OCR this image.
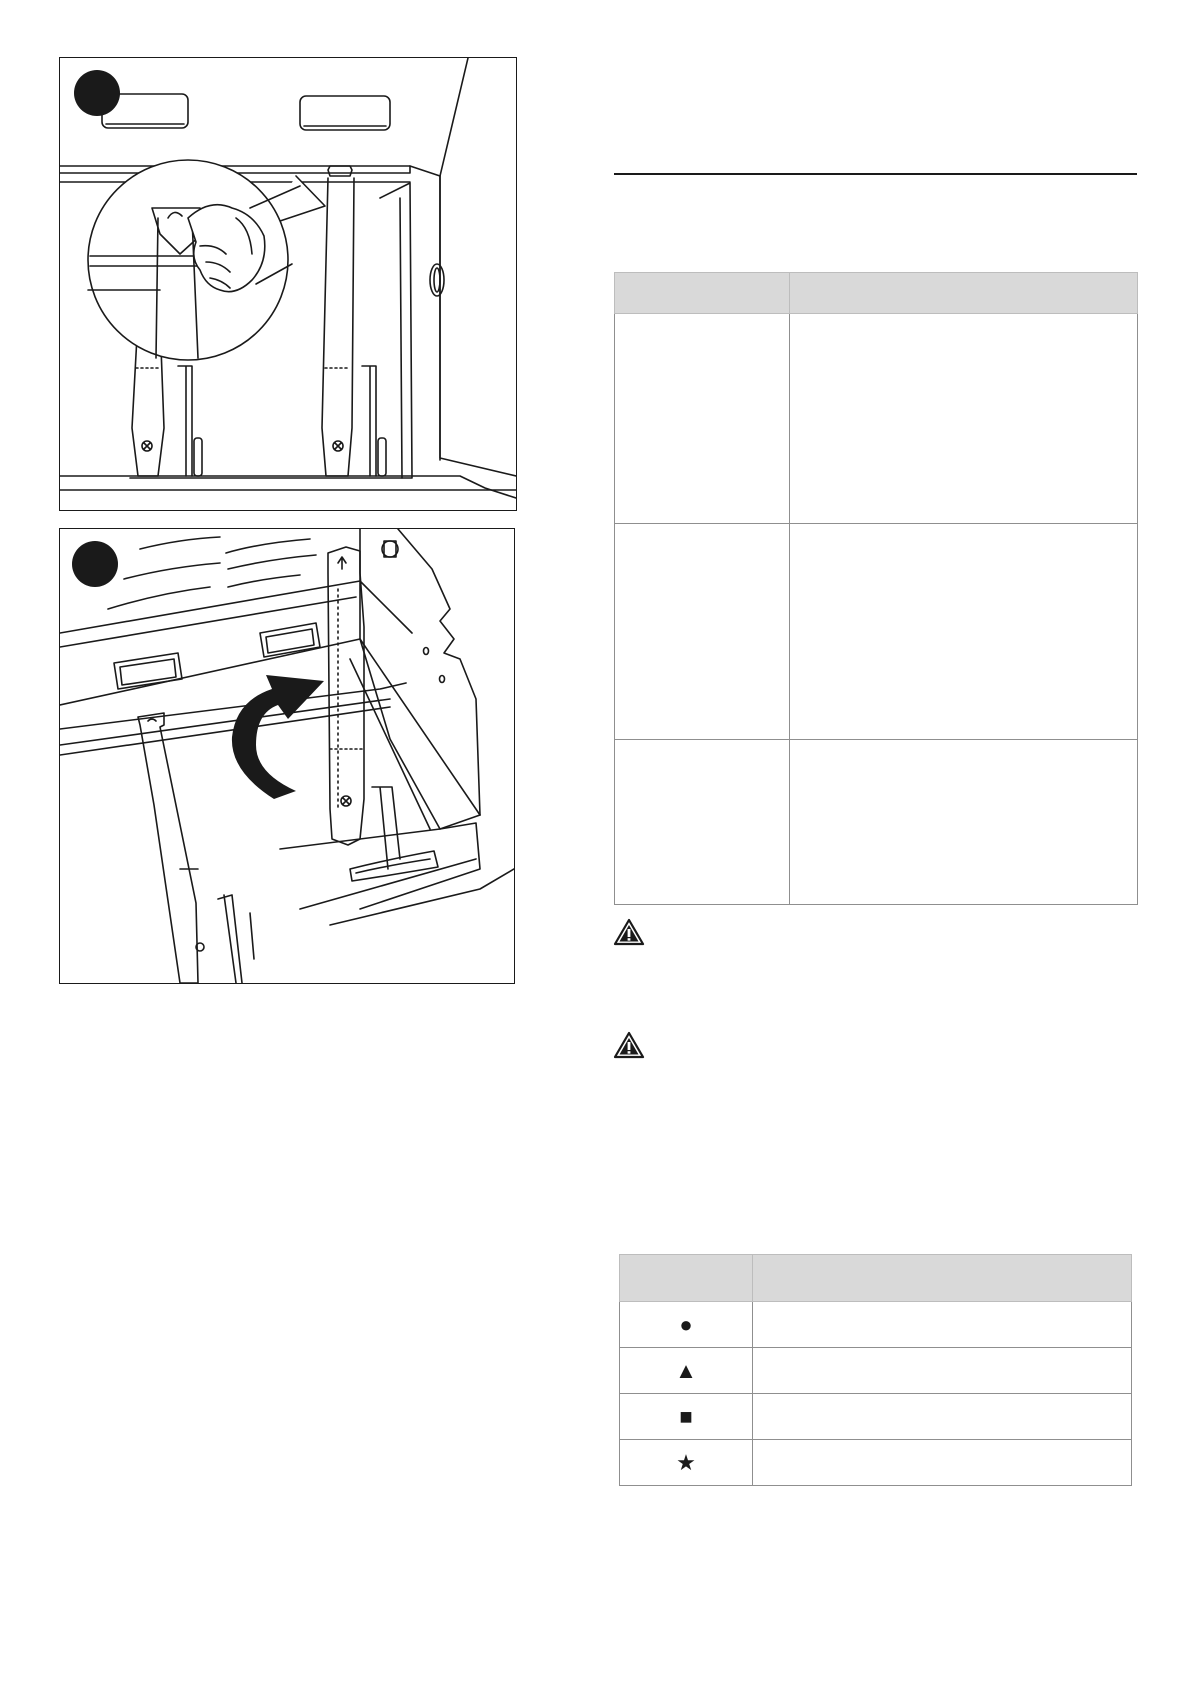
●	
▲	
■	
★	
